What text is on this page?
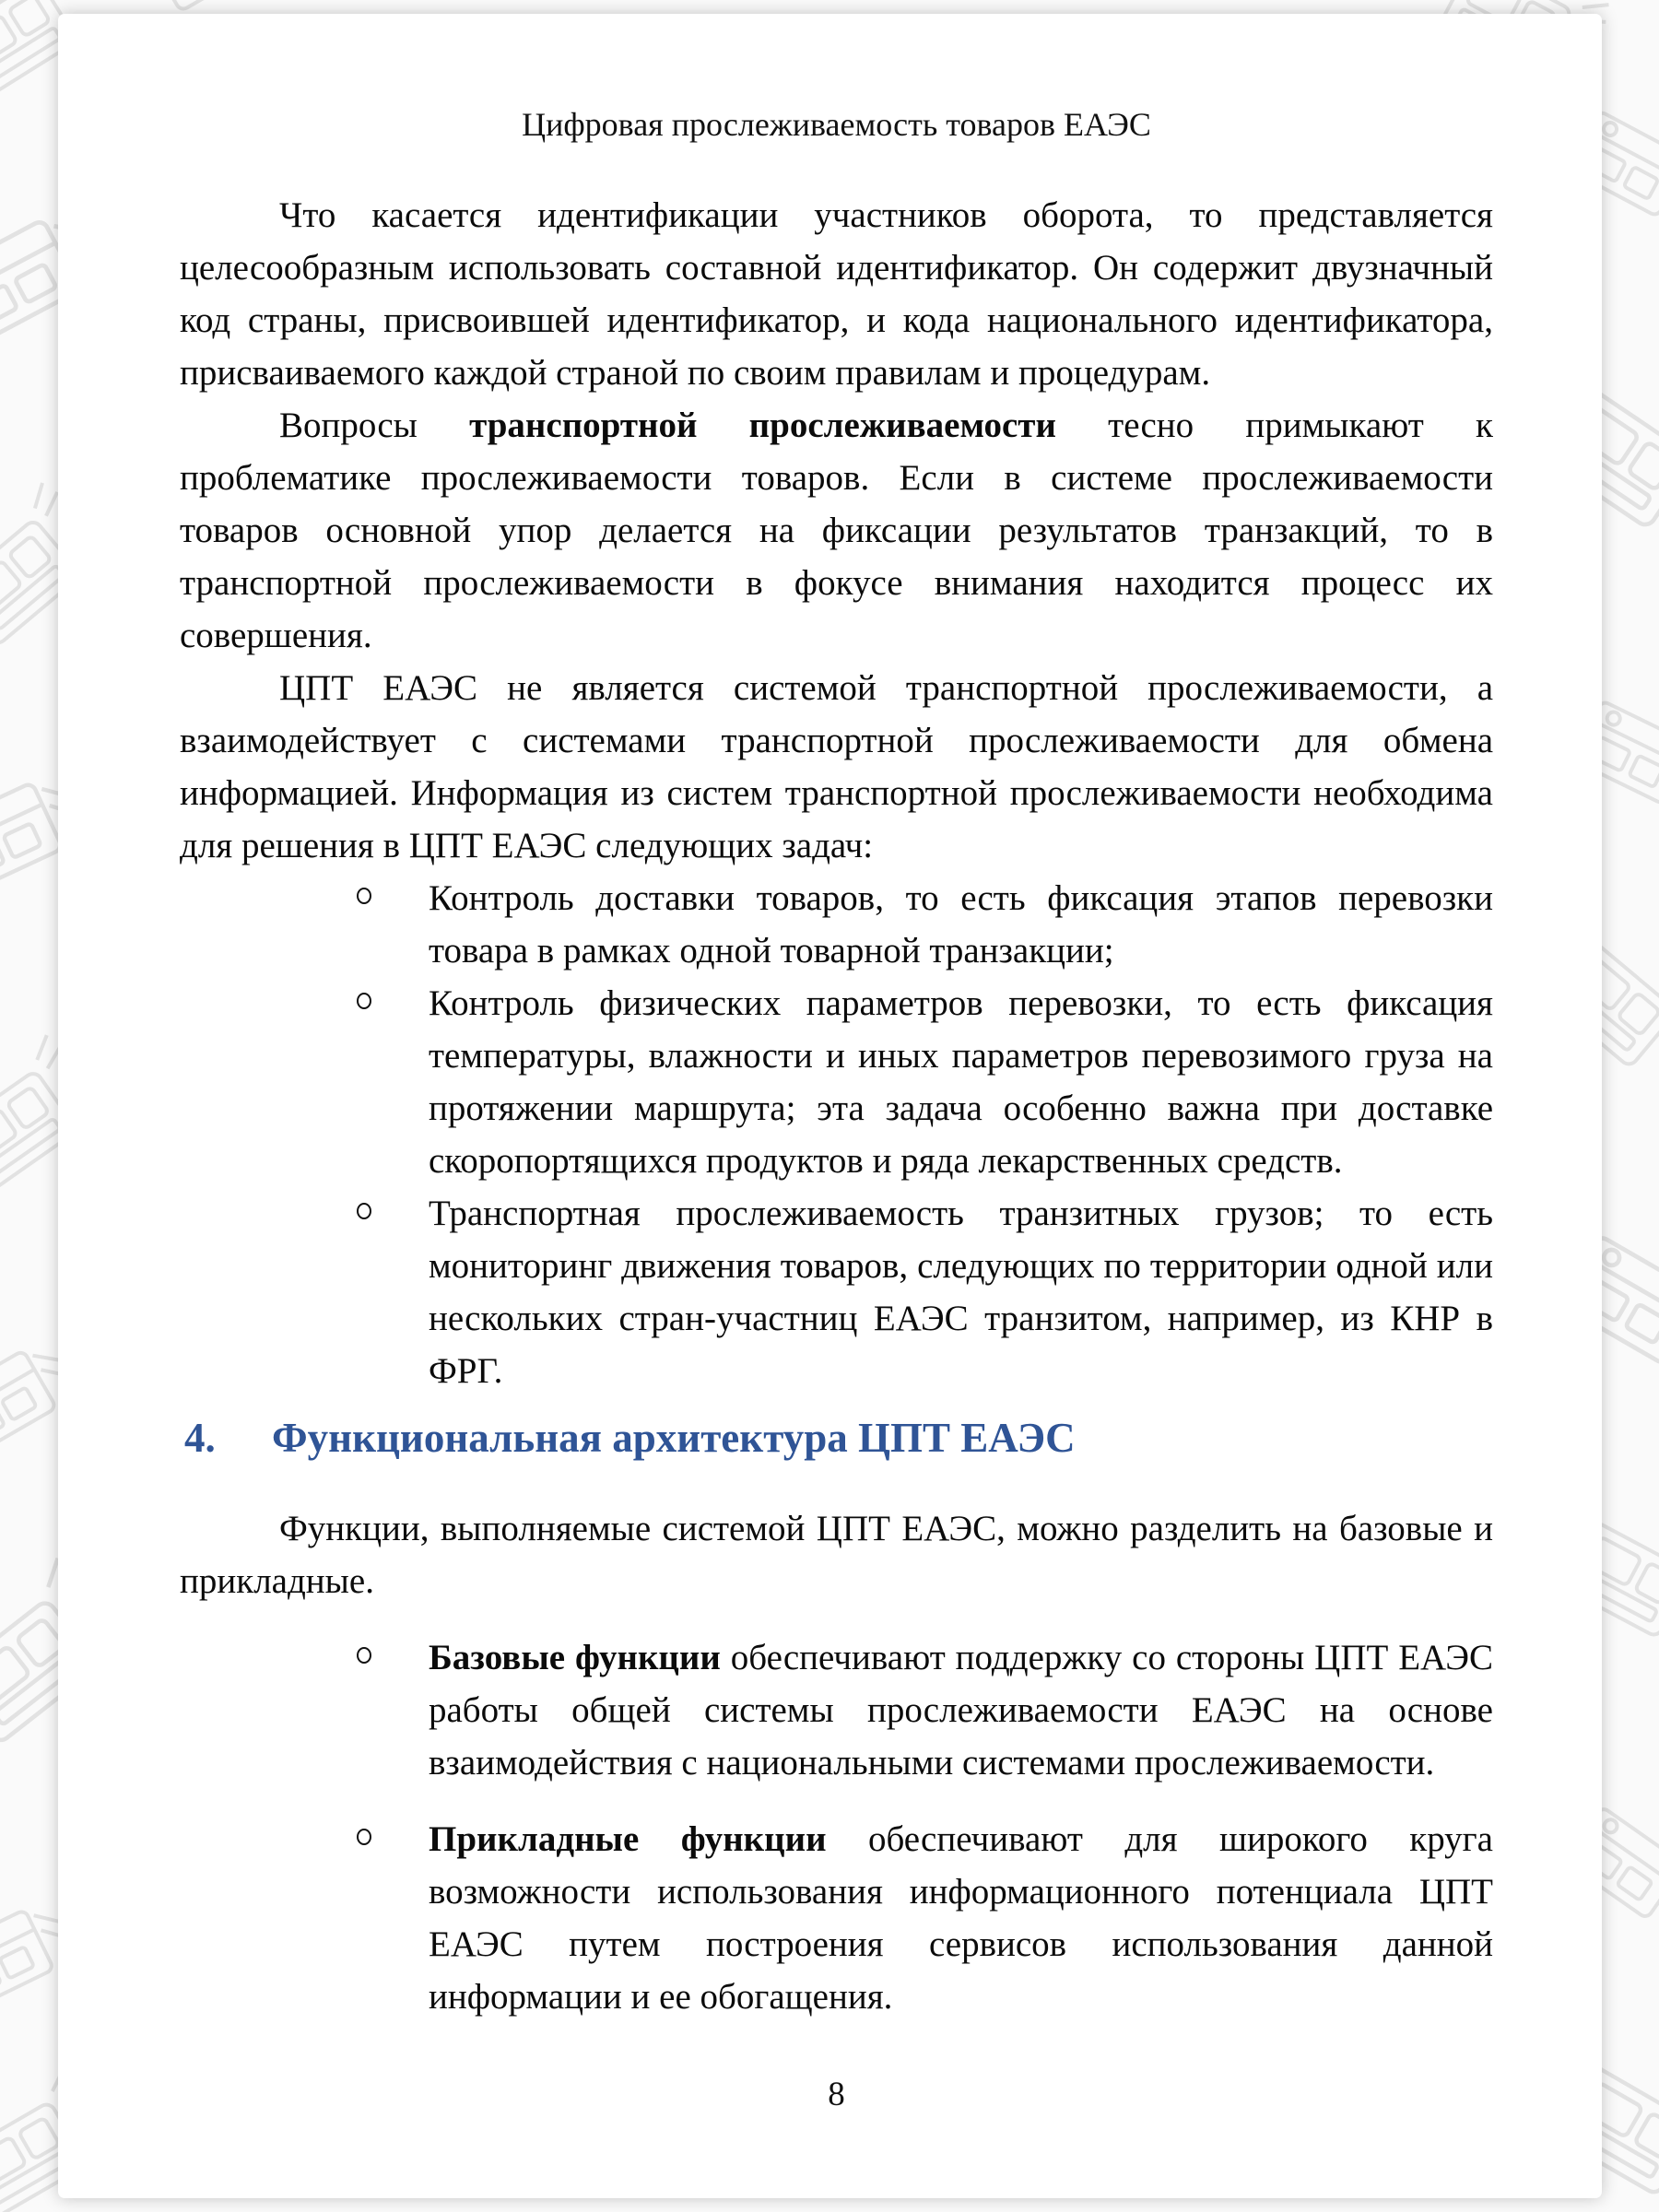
Цифровая прослеживаемость товаров ЕАЭС

Что касается идентификации участников оборота, то представляется целесообразным использовать составной идентификатор. Он содержит двузначный код страны, присвоившей идентификатор, и кода национального идентификатора, присваиваемого каждой страной по своим правилам и процедурам.

Вопросы транспортной прослеживаемости тесно примыкают к проблематике прослеживаемости товаров. Если в системе прослеживаемости товаров основной упор делается на фиксации результатов транзакций, то в транспортной прослеживаемости в фокусе внимания находится процесс их совершения.

ЦПТ ЕАЭС не является системой транспортной прослеживаемости, а взаимодействует с системами транспортной прослеживаемости для обмена информацией. Информация из систем транспортной прослеживаемости необходима для решения в ЦПТ ЕАЭС следующих задач:

Контроль доставки товаров, то есть фиксация этапов перевозки товара в рамках одной товарной транзакции;
Контроль физических параметров перевозки, то есть фиксация температуры, влажности и иных параметров перевозимого груза на протяжении маршрута; эта задача особенно важна при доставке скоропортящихся продуктов и ряда лекарственных средств.
Транспортная прослеживаемость транзитных грузов; то есть мониторинг движения товаров, следующих по территории одной или нескольких стран-участниц ЕАЭС транзитом, например, из КНР в ФРГ.
4. Функциональная архитектура ЦПТ ЕАЭС

Функции, выполняемые системой ЦПТ ЕАЭС, можно разделить на базовые и прикладные.

Базовые функции обеспечивают поддержку со стороны ЦПТ ЕАЭС работы общей системы прослеживаемости ЕАЭС на основе взаимодействия с национальными системами прослеживаемости.
Прикладные функции обеспечивают для широкого круга возможности использования информационного потенциала ЦПТ ЕАЭС путем построения сервисов использования данной информации и ее обогащения.
8
